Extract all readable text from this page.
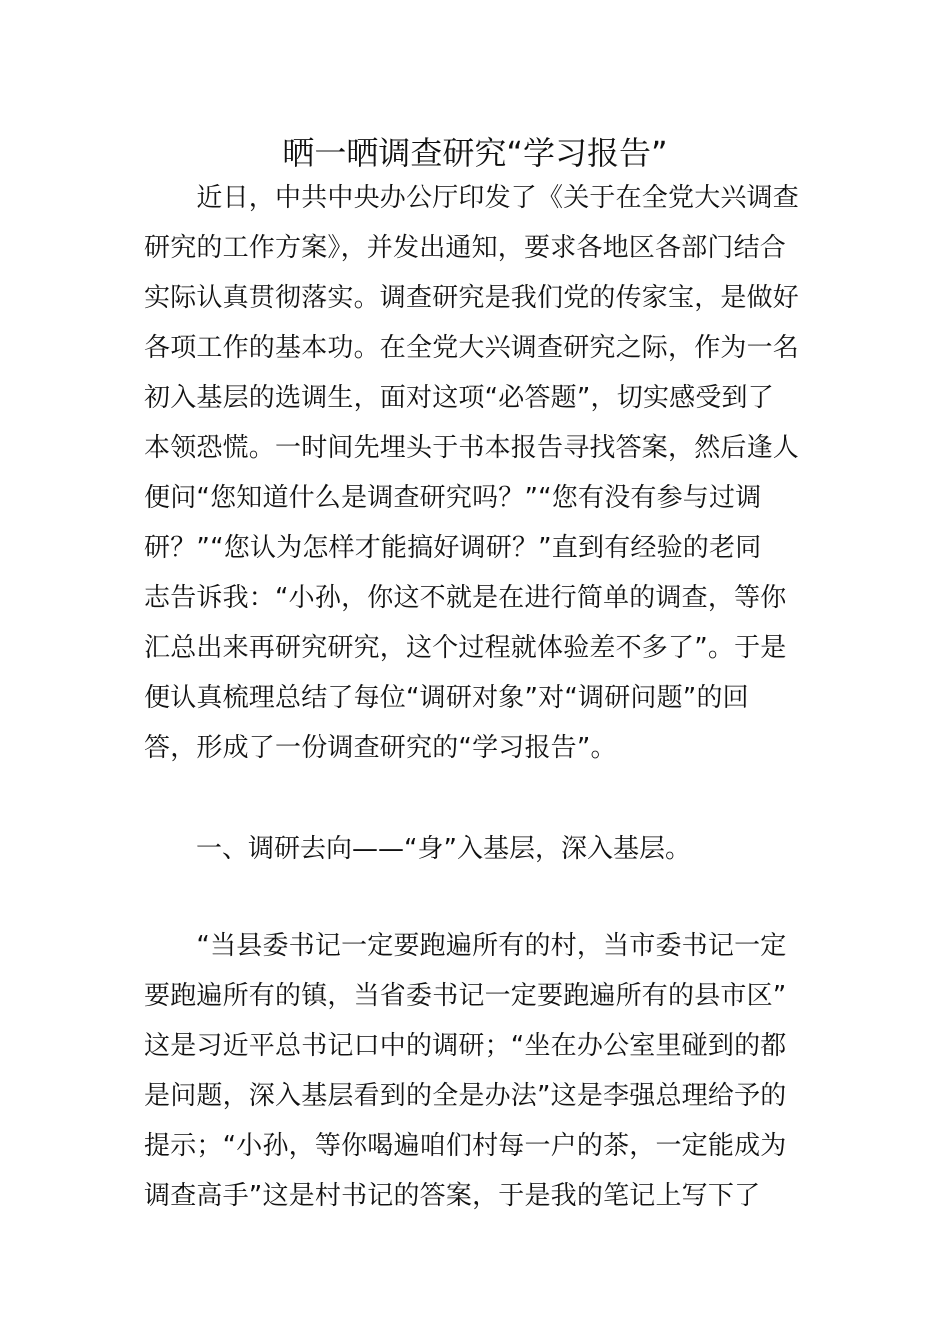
晒一晒调查研究“学习报告”
　　近日，中共中央办公厅印发了《关于在全党大兴调查
研究的工作方案》，并发出通知，要求各地区各部门结合
实际认真贯彻落实。调查研究是我们党的传家宝，是做好
各项工作的基本功。在全党大兴调查研究之际，作为一名
初入基层的选调生，面对这项“必答题”，切实感受到了
本领恐慌。一时间先埋头于书本报告寻找答案，然后逢人
便问“您知道什么是调查研究吗？”“您有没有参与过调
研？”“您认为怎样才能搞好调研？”直到有经验的老同
志告诉我：“小孙，你这不就是在进行简单的调查，等你
汇总出来再研究研究，这个过程就体验差不多了”。于是
便认真梳理总结了每位“调研对象”对“调研问题”的回
答，形成了一份调查研究的“学习报告”。
　　一、调研去向——“身”入基层，深入基层。
　　“当县委书记一定要跑遍所有的村，当市委书记一定
要跑遍所有的镇，当省委书记一定要跑遍所有的县市区”
这是习近平总书记口中的调研；“坐在办公室里碰到的都
是问题，深入基层看到的全是办法”这是李强总理给予的
提示；“小孙，等你喝遍咱们村每一户的茶，一定能成为
调查高手”这是村书记的答案，于是我的笔记上写下了
